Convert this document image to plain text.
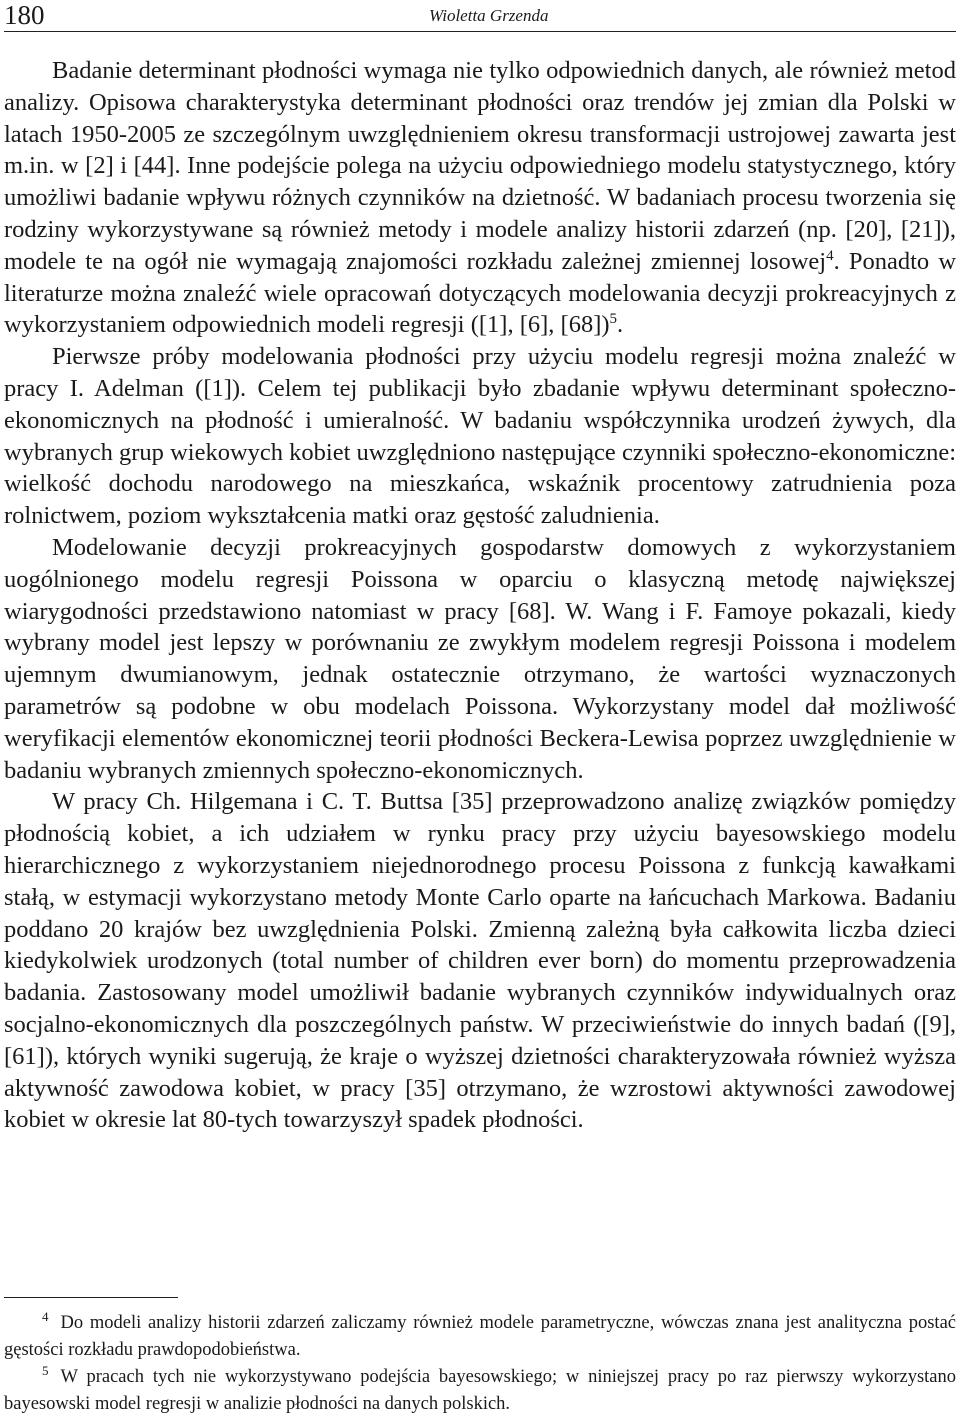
180	Wioletta Grzenda

Badanie determinant płodności wymaga nie tylko odpowiednich danych, ale również metod analizy. Opisowa charakterystyka determinant płodności oraz trendów jej zmian dla Polski w latach 1950-2005 ze szczególnym uwzględnieniem okresu transformacji ustrojowej zawarta jest m.in. w [2] i [44]. Inne podejście polega na użyciu odpowiedniego modelu statystycznego, który umożliwi badanie wpływu różnych czynników na dzietność. W badaniach procesu tworzenia się rodziny wykorzystywane są również metody i modele analizy historii zdarzeń (np. [20], [21]), modele te na ogół nie wymagają znajomości rozkładu zależnej zmiennej losowej$^4$. Ponadto w literaturze można znaleźć wiele opracowań dotyczących modelowania decyzji prokreacyjnych z wykorzystaniem odpowiednich modeli regresji ([1], [6], [68])$^5$.

Pierwsze próby modelowania płodności przy użyciu modelu regresji można znaleźć w pracy I. Adelman ([1]). Celem tej publikacji było zbadanie wpływu determinant społeczno-ekonomicznych na płodność i umieralność. W badaniu współczynnika urodzeń żywych, dla wybranych grup wiekowych kobiet uwzględniono następujące czynniki społeczno-ekonomiczne: wielkość dochodu narodowego na mieszkańca, wskaźnik procentowy zatrudnienia poza rolnictwem, poziom wykształcenia matki oraz gęstość zaludnienia.

Modelowanie decyzji prokreacyjnych gospodarstw domowych z wykorzystaniem uogólnionego modelu regresji Poissona w oparciu o klasyczną metodę największej wiarygodności przedstawiono natomiast w pracy [68]. W. Wang i F. Famoye pokazali, kiedy wybrany model jest lepszy w porównaniu ze zwykłym modelem regresji Poissona i modelem ujemnym dwumianowym, jednak ostatecznie otrzymano, że wartości wyznaczonych parametrów są podobne w obu modelach Poissona. Wykorzystany model dał możliwość weryfikacji elementów ekonomicznej teorii płodności Beckera-Lewisa poprzez uwzględnienie w badaniu wybranych zmiennych społeczno-ekonomicznych.

W pracy Ch. Hilgemana i C. T. Buttsa [35] przeprowadzono analizę związków pomiędzy płodnością kobiet, a ich udziałem w rynku pracy przy użyciu bayesowskiego modelu hierarchicznego z wykorzystaniem niejednorodnego procesu Poissona z funkcją kawałkami stałą, w estymacji wykorzystano metody Monte Carlo oparte na łańcuchach Markowa. Badaniu poddano 20 krajów bez uwzględnienia Polski. Zmienną zależną była całkowita liczba dzieci kiedykolwiek urodzonych (total number of children ever born) do momentu przeprowadzenia badania. Zastosowany model umożliwił badanie wybranych czynników indywidualnych oraz socjalno-ekonomicznych dla poszczególnych państw. W przeciwieństwie do innych badań ([9], [61]), których wyniki sugerują, że kraje o wyższej dzietności charakteryzowała również wyższa aktywność zawodowa kobiet, w pracy [35] otrzymano, że wzrostowi aktywności zawodowej kobiet w okresie lat 80-tych towarzyszył spadek płodności.

$^4$ Do modeli analizy historii zdarzeń zaliczamy również modele parametryczne, wówczas znana jest analityczna postać gęstości rozkładu prawdopodobieństwa.

$^5$ W pracach tych nie wykorzystywano podejścia bayesowskiego; w niniejszej pracy po raz pierwszy wykorzystano bayesowski model regresji w analizie płodności na danych polskich.
